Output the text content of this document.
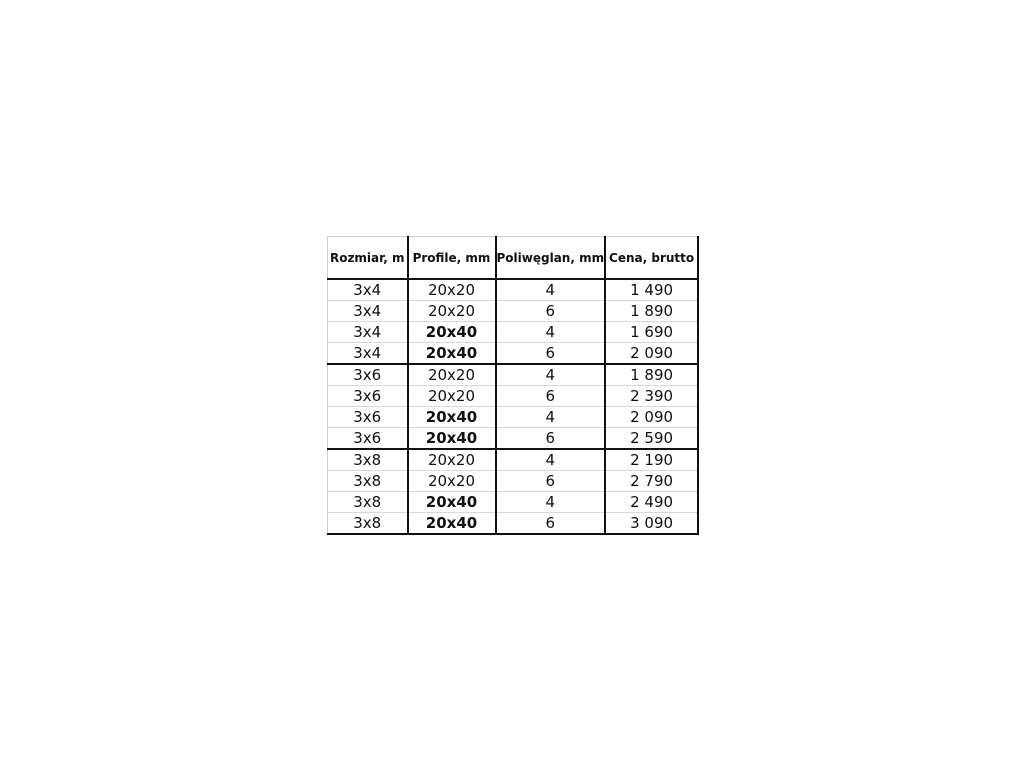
Rozmiar, m	Profile, mm	Poliwęglan, mm	Cena, brutto
3x4	20x20	4	1 490
3x4	20x20	6	1 890
3x4	20x40	4	1 690
3x4	20x40	6	2 090
3x6	20x20	4	1 890
3x6	20x20	6	2 390
3x6	20x40	4	2 090
3x6	20x40	6	2 590
3x8	20x20	4	2 190
3x8	20x20	6	2 790
3x8	20x40	4	2 490
3x8	20x40	6	3 090
